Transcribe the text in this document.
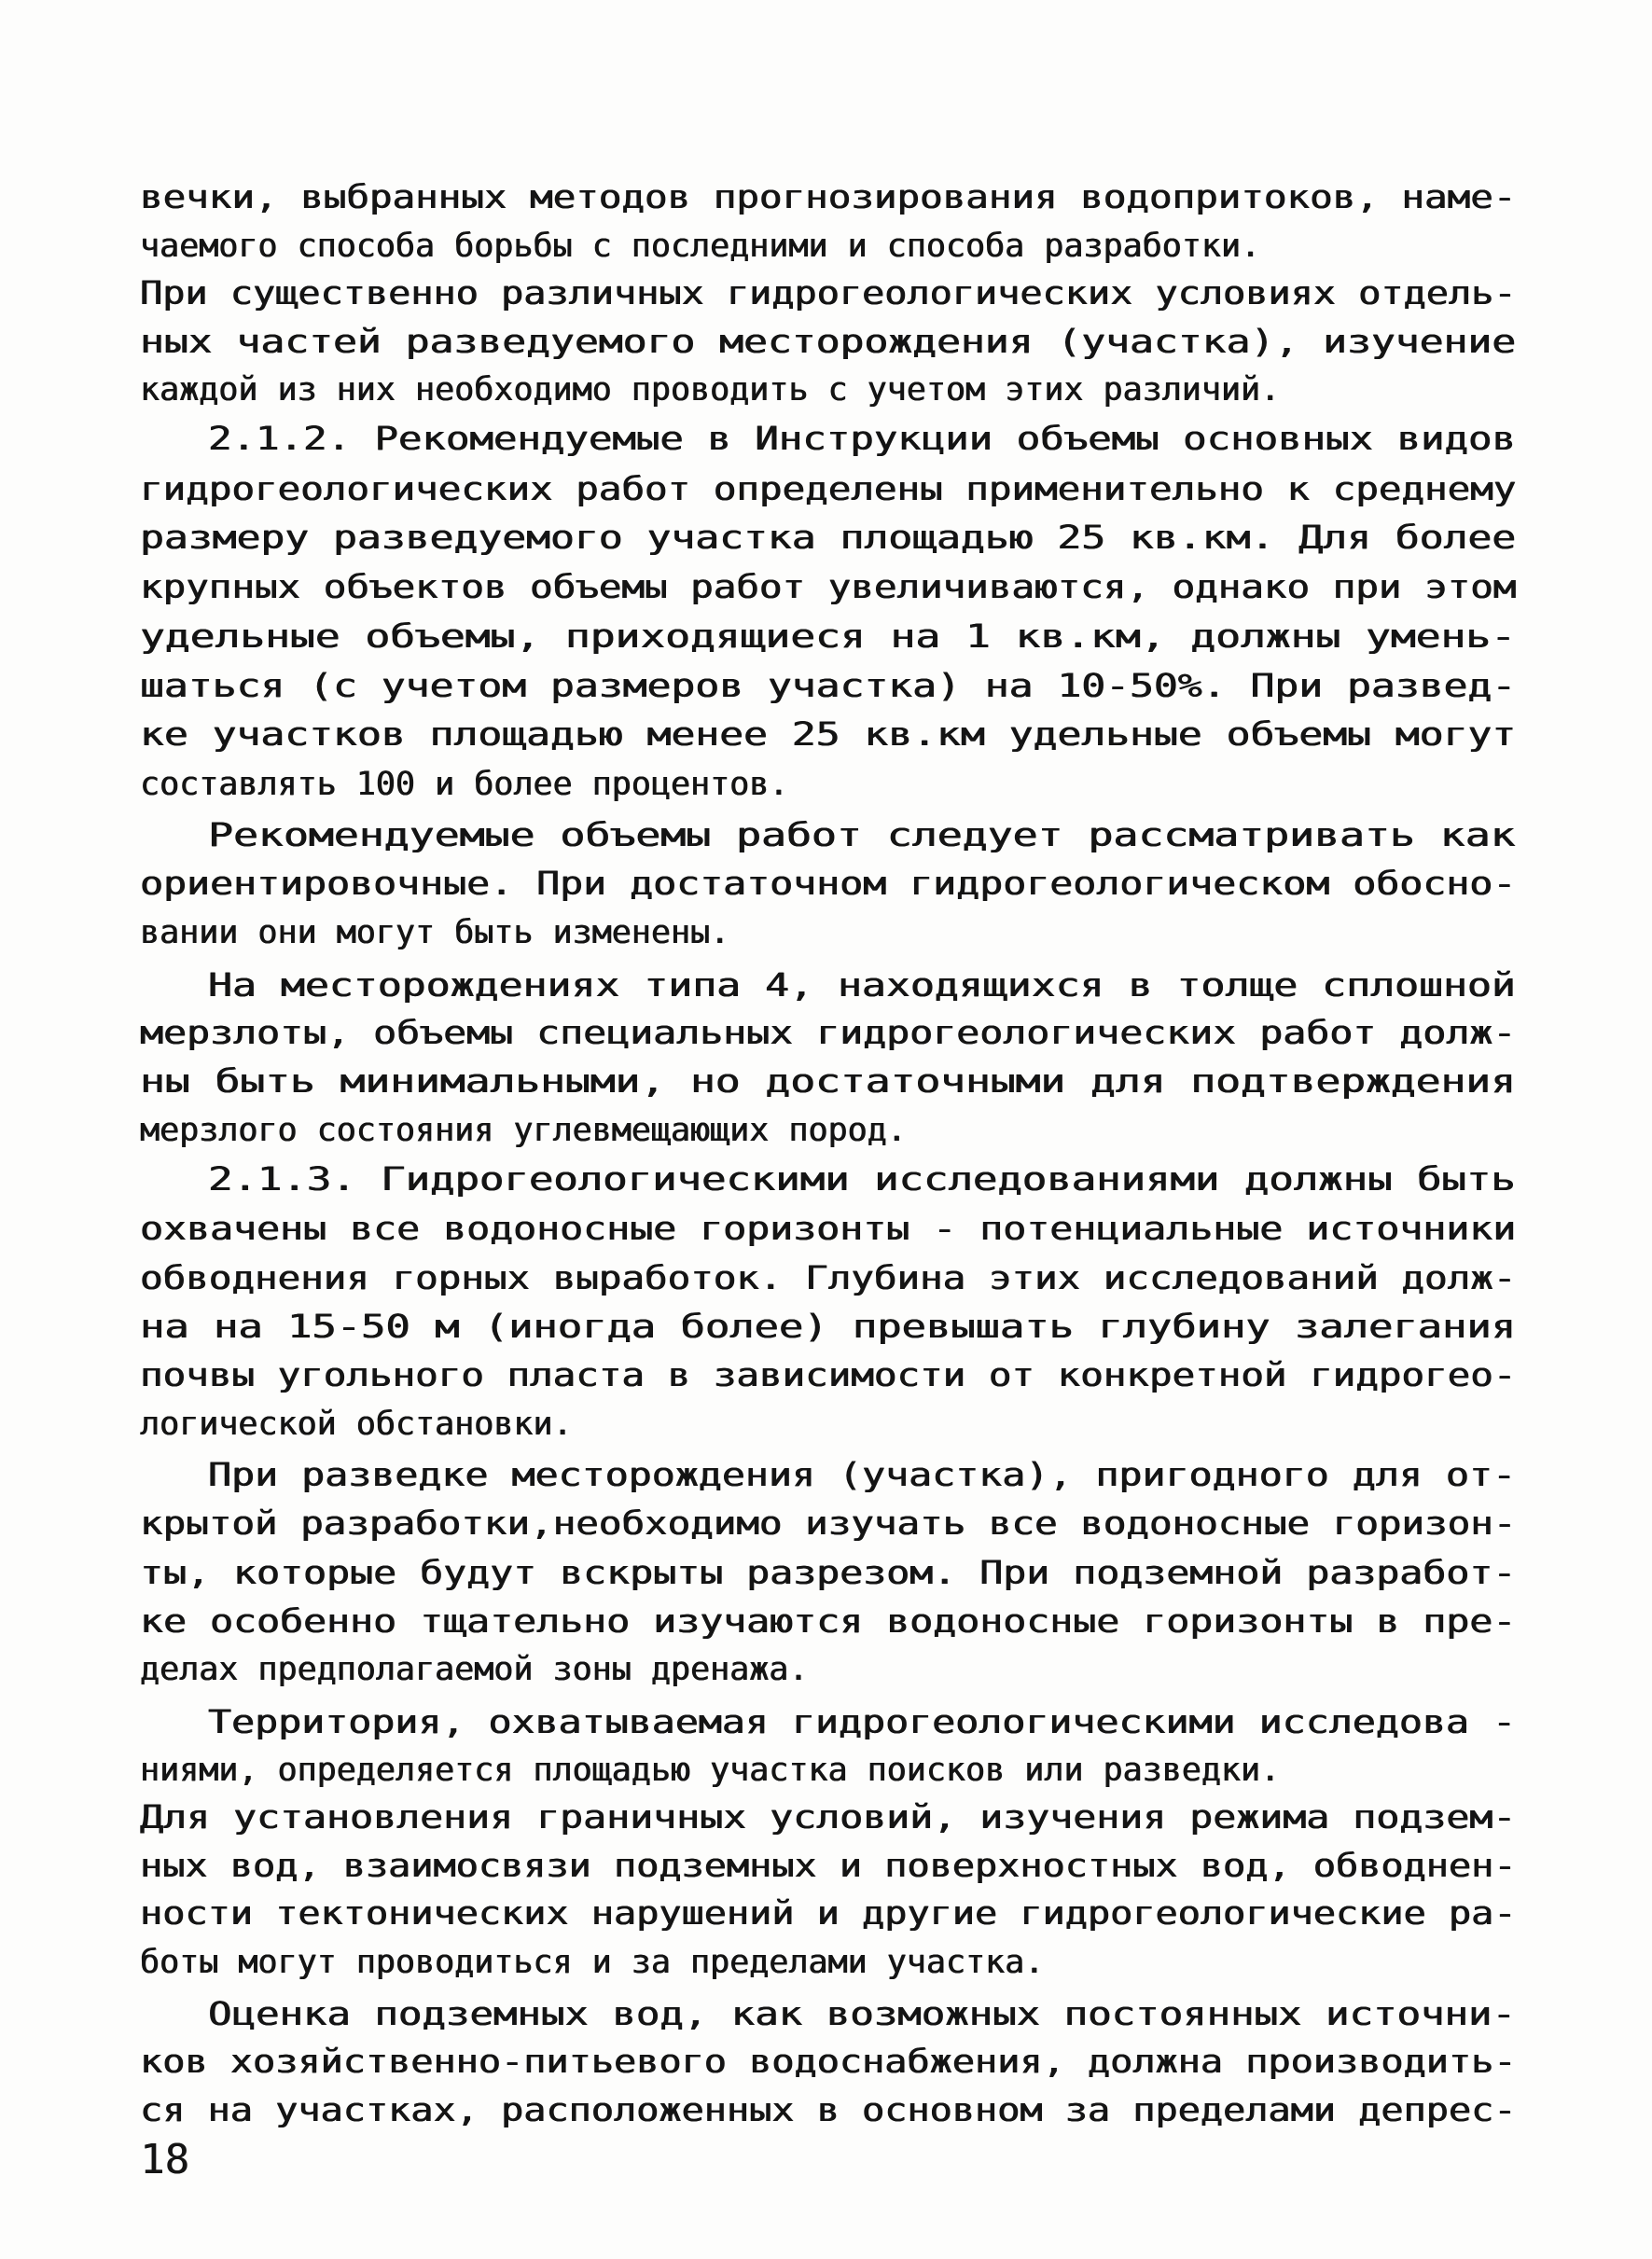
вечки, выбранных методов прогнозирования водопритоков, наме-
чаемого способа борьбы с последними и способа разработки.
При существенно различных гидрогеологических условиях отдель-
ных частей разведуемого месторождения (участка), изучение
каждой из них необходимо проводить с учетом этих различий.
2.1.2. Рекомендуемые в Инструкции объемы основных видов
гидрогеологических работ определены применительно к среднему
размеру разведуемого участка площадью 25 кв.км. Для более
крупных объектов объемы работ увеличиваются, однако при этом
удельные объемы, приходящиеся на 1 кв.км, должны умень-
шаться (с учетом размеров участка) на 10-50%. При развед-
ке участков площадью менее 25 кв.км удельные объемы могут
составлять 100 и более процентов.
Рекомендуемые объемы работ следует рассматривать как
ориентировочные. При достаточном гидрогеологическом обосно-
вании они могут быть изменены.
На месторождениях типа 4, находящихся в толще сплошной
мерзлоты, объемы специальных гидрогеологических работ долж-
ны быть минимальными, но достаточными для подтверждения
мерзлого состояния углевмещающих пород.
2.1.3. Гидрогеологическими исследованиями должны быть
охвачены все водоносные горизонты - потенциальные источники
обводнения горных выработок. Глубина этих исследований долж-
на на 15-50 м (иногда более) превышать глубину залегания
почвы угольного пласта в зависимости от конкретной гидрогео-
логической обстановки.
При разведке месторождения (участка), пригодного для от-
крытой разработки,необходимо изучать все водоносные горизон-
ты, которые будут вскрыты разрезом. При подземной разработ-
ке особенно тщательно изучаются водоносные горизонты в пре-
делах предполагаемой зоны дренажа.
Территория, охватываемая гидрогеологическими исследова -
ниями, определяется площадью участка поисков или разведки.
Для установления граничных условий, изучения режима подзем-
ных вод, взаимосвязи подземных и поверхностных вод, обводнен-
ности тектонических нарушений и другие гидрогеологические ра-
боты могут проводиться и за пределами участка.
Оценка подземных вод, как возможных постоянных источни-
ков хозяйственно-питьевого водоснабжения, должна производить-
ся на участках, расположенных в основном за пределами депрес-
18
